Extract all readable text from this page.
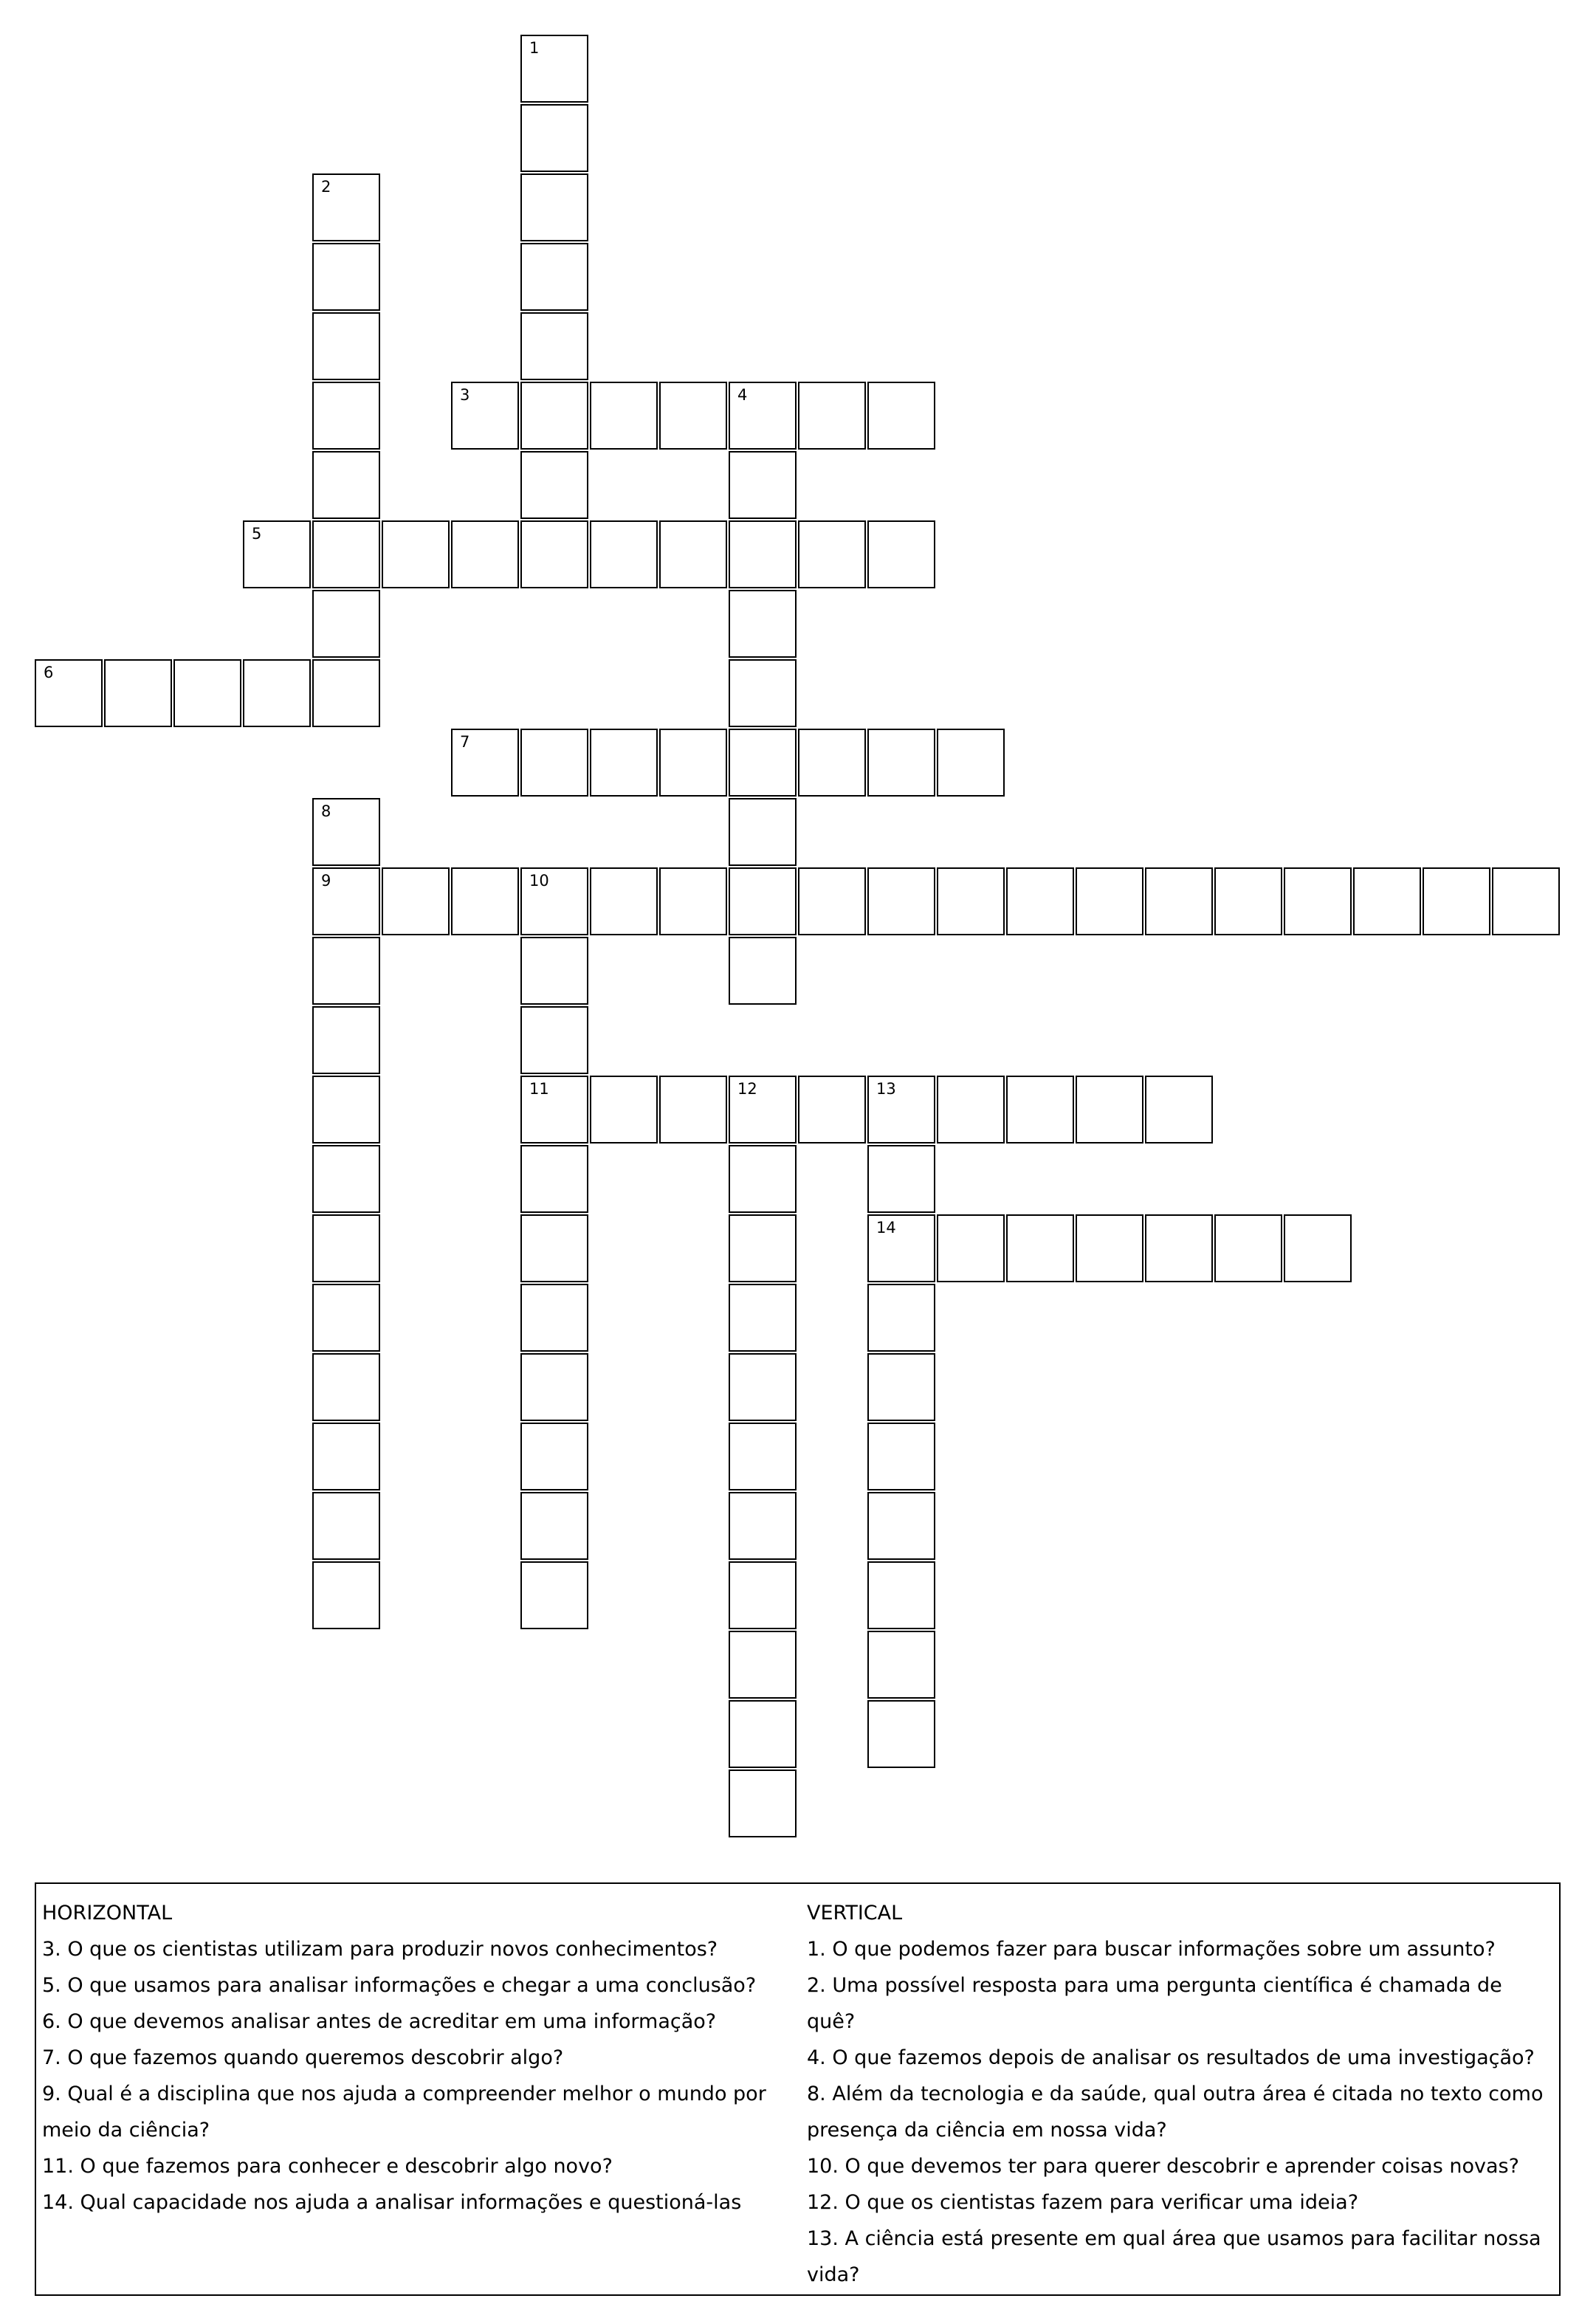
1
2
3	4
5
6
7
8
9	10
11	12	13
14
HORIZONTAL
3. O que os cientistas utilizam para produzir novos conhecimentos?
5. O que usamos para analisar informações e chegar a uma conclusão?
6. O que devemos analisar antes de acreditar em uma informação?
7. O que fazemos quando queremos descobrir algo?
9. Qual é a disciplina que nos ajuda a compreender melhor o mundo por meio da ciência?
11. O que fazemos para conhecer e descobrir algo novo?
14. Qual capacidade nos ajuda a analisar informações e questioná-las
VERTICAL
1. O que podemos fazer para buscar informações sobre um assunto?
2. Uma possível resposta para uma pergunta científica é chamada de quê?
4. O que fazemos depois de analisar os resultados de uma investigação?
8. Além da tecnologia e da saúde, qual outra área é citada no texto como presença da ciência em nossa vida?
10. O que devemos ter para querer descobrir e aprender coisas novas?
12. O que os cientistas fazem para verificar uma ideia?
13. A ciência está presente em qual área que usamos para facilitar nossa vida?
